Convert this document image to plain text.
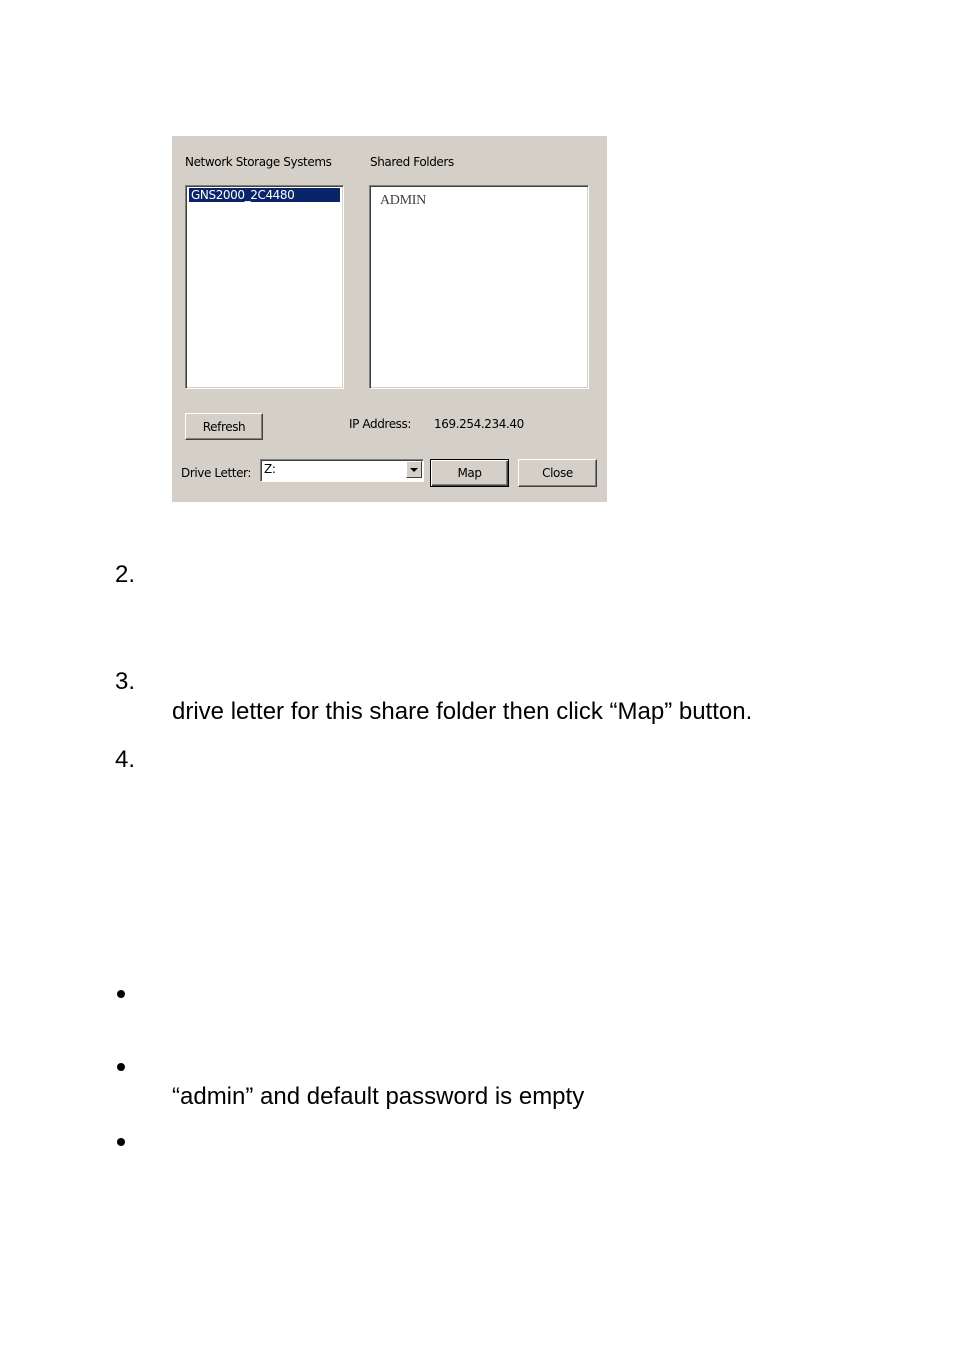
Network Storage Systems	Shared Folders
GNS2000_2C4480	ADMIN
Refresh	IP Address: 169.254.234.40
Drive Letter: Z:	Map	Close
2.
3.
drive letter for this share folder then click “Map” button.
4.
“admin” and default password is empty
